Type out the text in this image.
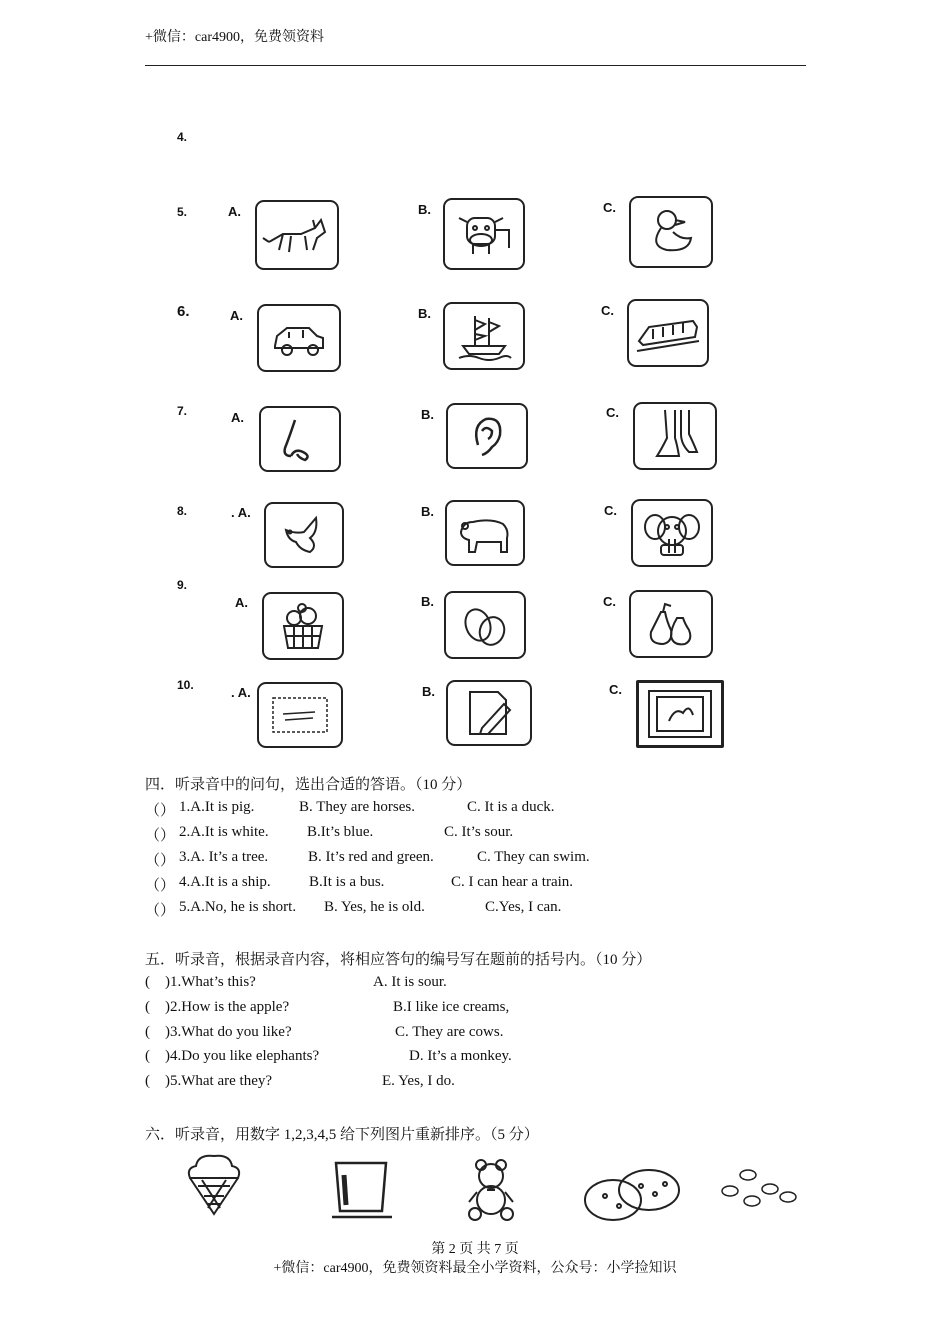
+微信：car4900，免费领资料
4.
5.
6.
7.
8.
9.
10.
A.	B.	C.
A.	B.	C.
A.	B.	C.
. A.	B.	C.
A.	B.	C.
. A.	B.	C.
四．听录音中的问句，选出合适的答语。（10 分）
（） 1.A.It is pig.	B. They are horses.	C. It is a duck.
（） 2.A.It is white.	B.It’s blue.	C. It’s sour.
（） 3.A. It’s a tree.	B. It’s red and green.	C. They can swim.
（） 4.A.It is a ship.	B.It is a bus.	C. I can hear a train.
（） 5.A.No, he is short. B. Yes, he is old.	C.Yes, I can.
五．听录音，根据录音内容，将相应答句的编号写在题前的括号内。（10 分）
(    )1.What’s this?	A. It is sour.
(    )2.How is the apple?	B.I like ice creams,
(    )3.What do you like?	C. They are cows.
(    )4.Do you like elephants?	D. It’s a monkey.
(    )5.What are they?	E. Yes, I do.
六．听录音，用数字 1,2,3,4,5 给下列图片重新排序。（5 分）
第 2 页 共 7 页
+微信：car4900，免费领资料最全小学资料，公众号：小学捡知识
